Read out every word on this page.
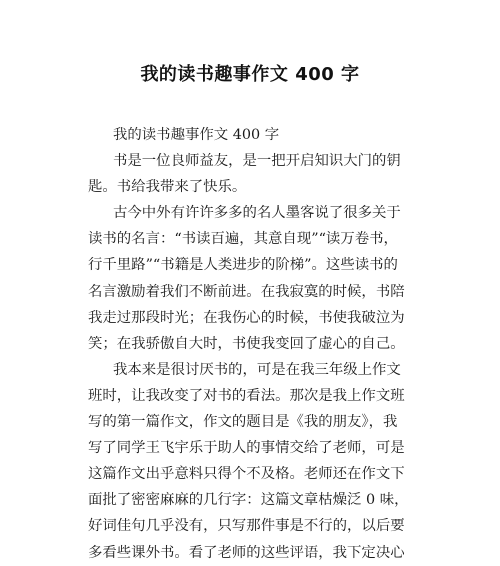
我的读书趣事作文 400 字
我的读书趣事作文 400 字
书是一位良师益友，是一把开启知识大门的钥
匙。书给我带来了快乐。
古今中外有许许多多的名人墨客说了很多关于
读书的名言：“书读百遍，其意自现”“读万卷书，
行千里路”“书籍是人类进步的阶梯”。这些读书的
名言激励着我们不断前进。在我寂寞的时候，书陪
我走过那段时光；在我伤心的时候，书使我破泣为
笑；在我骄傲自大时，书使我变回了虚心的自己。
我本来是很讨厌书的，可是在我三年级上作文
班时，让我改变了对书的看法。那次是我上作文班
写的第一篇作文，作文的题目是《我的朋友》，我
写了同学王飞宇乐于助人的事情交给了老师，可是
这篇作文出乎意料只得个不及格。老师还在作文下
面批了密密麻麻的几行字：这篇文章枯燥泛 0 味，
好词佳句几乎没有，只写那件事是不行的，以后要
多看些课外书。看了老师的这些评语，我下定决心
